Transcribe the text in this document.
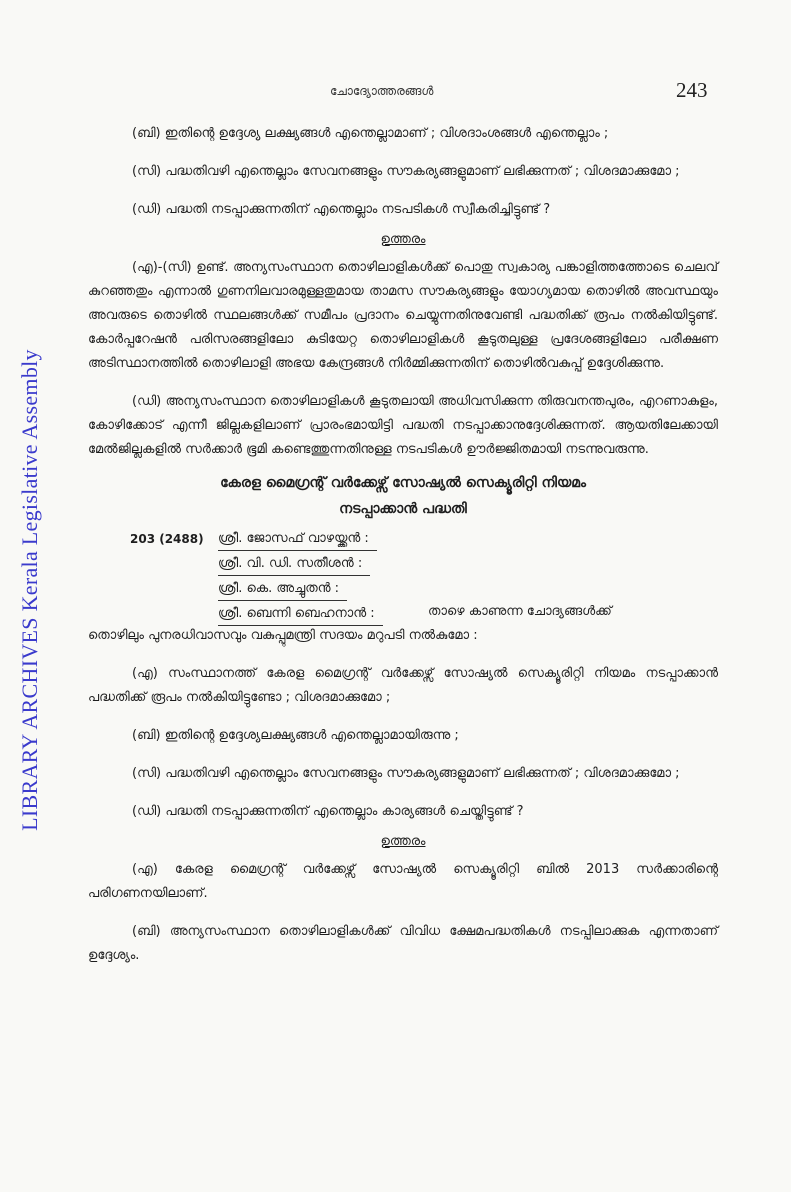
LIBRARY ARCHIVES Kerala Legislative Assembly
ചോദ്യോത്തരങ്ങൾ	243

(ബി) ഇതിന്റെ ഉദ്ദേശ്യ ലക്ഷ്യങ്ങൾ എന്തെല്ലാമാണ് ; വിശദാംശങ്ങൾ എന്തെല്ലാം ;

(സി) പദ്ധതിവഴി എന്തെല്ലാം സേവനങ്ങളും സൗകര്യങ്ങളുമാണ് ലഭിക്കുന്നത് ; വിശദമാക്കുമോ ;

(ഡി) പദ്ധതി നടപ്പാക്കുന്നതിന് എന്തെല്ലാം നടപടികൾ സ്വീകരിച്ചിട്ടുണ്ട് ?

ഉത്തരം

(എ)-(സി) ഉണ്ട്. അന്യസംസ്ഥാന തൊഴിലാളികൾക്ക് പൊതു സ്വകാര്യ പങ്കാളിത്തത്തോടെ ചെലവ് കുറഞ്ഞതും എന്നാൽ ഗുണനിലവാരമുള്ളതുമായ താമസ സൗകര്യങ്ങളും യോഗ്യമായ തൊഴിൽ അവസ്ഥയും അവരുടെ തൊഴിൽ സ്ഥലങ്ങൾക്ക് സമീപം പ്രദാനം ചെയ്യുന്നതിനുവേണ്ടി പദ്ധതിക്ക് രൂപം നൽകിയിട്ടുണ്ട്. കോർപ്പറേഷൻ പരിസരങ്ങളിലോ കുടിയേറ്റ തൊഴിലാളികൾ കൂടുതലുള്ള പ്രദേശങ്ങളിലോ പരീക്ഷണ അടിസ്ഥാനത്തിൽ തൊഴിലാളി അഭയ കേന്ദ്രങ്ങൾ നിർമ്മിക്കുന്നതിന് തൊഴിൽവകുപ്പ് ഉദ്ദേശിക്കുന്നു.

(ഡി) അന്യസംസ്ഥാന തൊഴിലാളികൾ കൂടുതലായി അധിവസിക്കുന്ന തിരുവനന്തപുരം, എറണാകുളം, കോഴിക്കോട് എന്നീ ജില്ലകളിലാണ് പ്രാരംഭമായിട്ടി പദ്ധതി നടപ്പാക്കാനുദ്ദേശിക്കുന്നത്. ആയതിലേക്കായി മേൽജില്ലകളിൽ സർക്കാർ ഭൂമി കണ്ടെത്തുന്നതിനുള്ള നടപടികൾ ഊർജ്ജിതമായി നടന്നുവരുന്നു.

കേരള മൈഗ്രന്റ് വർക്കേഴ്സ് സോഷ്യൽ സെക്യൂരിറ്റി നിയമം
നടപ്പാക്കാൻ പദ്ധതി
203 (2488) ശ്രീ. ജോസഫ് വാഴയ്ക്കൻ :
ശ്രീ. വി. ഡി. സതീശൻ :
ശ്രീ. കെ. അച്ചുതൻ :
ശ്രീ. ബെന്നി ബെഹനാൻ :	താഴെ കാണുന്ന ചോദ്യങ്ങൾക്ക്

തൊഴിലും പുനരധിവാസവും വകുപ്പുമന്ത്രി സദയം മറുപടി നൽകുമോ :

(എ) സംസ്ഥാനത്ത് കേരള മൈഗ്രന്റ് വർക്കേഴ്സ് സോഷ്യൽ സെക്യൂരിറ്റി നിയമം നടപ്പാക്കാൻ പദ്ധതിക്ക് രൂപം നൽകിയിട്ടുണ്ടോ ; വിശദമാക്കുമോ ;

(ബി) ഇതിന്റെ ഉദ്ദേശ്യലക്ഷ്യങ്ങൾ എന്തെല്ലാമായിരുന്നു ;

(സി) പദ്ധതിവഴി എന്തെല്ലാം സേവനങ്ങളും സൗകര്യങ്ങളുമാണ് ലഭിക്കുന്നത് ; വിശദമാക്കുമോ ;

(ഡി) പദ്ധതി നടപ്പാക്കുന്നതിന് എന്തെല്ലാം കാര്യങ്ങൾ ചെയ്തിട്ടുണ്ട് ?

ഉത്തരം

(എ) കേരള മൈഗ്രന്റ് വർക്കേഴ്സ് സോഷ്യൽ സെക്യൂരിറ്റി ബിൽ 2013 സർക്കാരിന്റെ പരിഗണനയിലാണ്.

(ബി) അന്യസംസ്ഥാന തൊഴിലാളികൾക്ക് വിവിധ ക്ഷേമപദ്ധതികൾ നടപ്പിലാക്കുക എന്നതാണ് ഉദ്ദേശ്യം.
